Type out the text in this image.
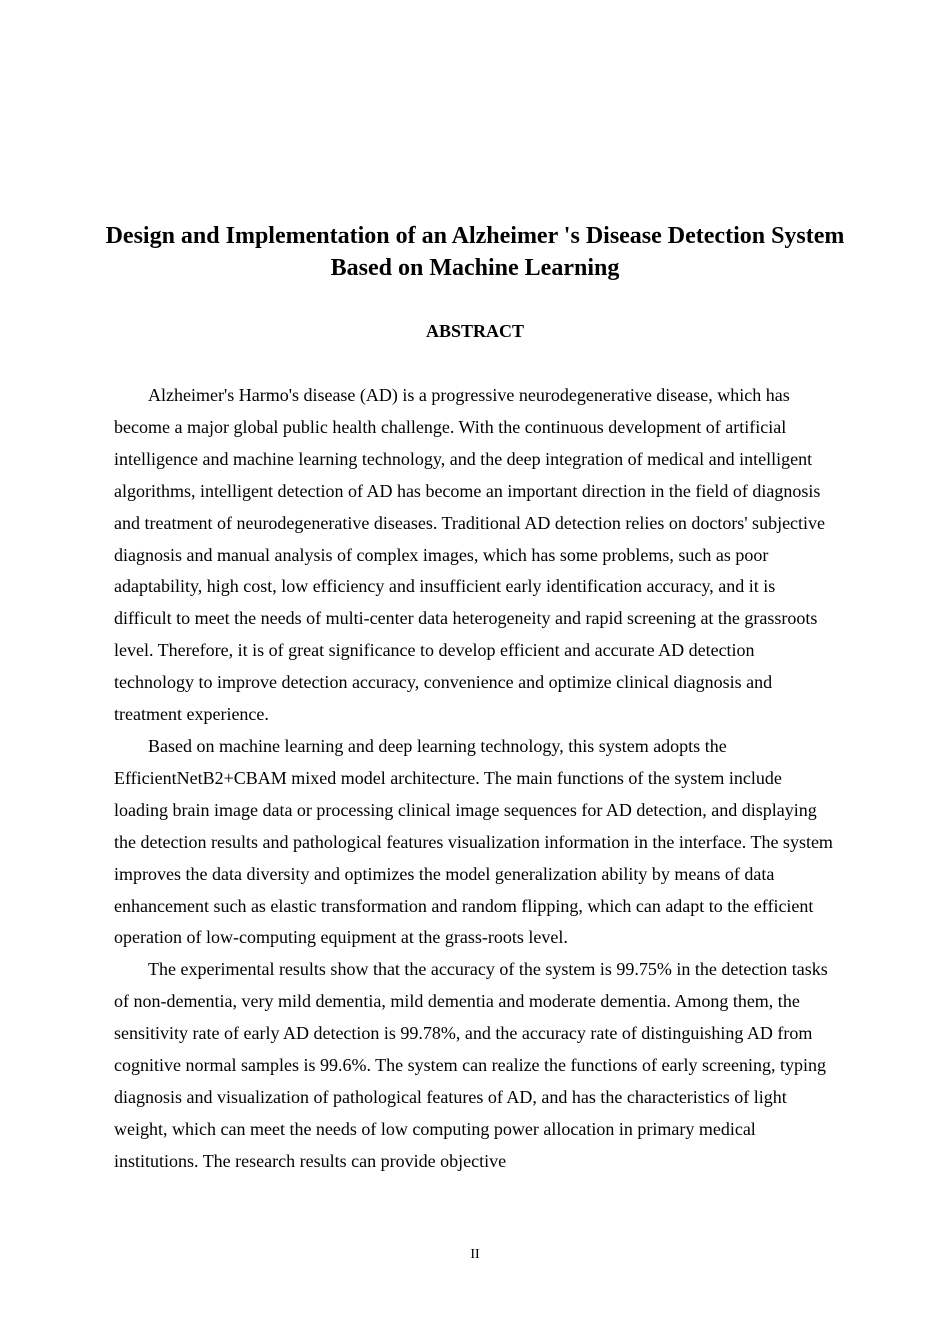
Design and Implementation of an Alzheimer 's Disease Detection System Based on Machine Learning
ABSTRACT

Alzheimer's Harmo's disease (AD) is a progressive neurodegenerative disease, which has become a major global public health challenge. With the continuous development of artificial intelligence and machine learning technology, and the deep integration of medical and intelligent algorithms, intelligent detection of AD has become an important direction in the field of diagnosis and treatment of neurodegenerative diseases. Traditional AD detection relies on doctors' subjective diagnosis and manual analysis of complex images, which has some problems, such as poor adaptability, high cost, low efficiency and insufficient early identification accuracy, and it is difficult to meet the needs of multi-center data heterogeneity and rapid screening at the grassroots level. Therefore, it is of great significance to develop efficient and accurate AD detection technology to improve detection accuracy, convenience and optimize clinical diagnosis and treatment experience.

Based on machine learning and deep learning technology, this system adopts the EfficientNetB2+CBAM mixed model architecture. The main functions of the system include loading brain image data or processing clinical image sequences for AD detection, and displaying the detection results and pathological features visualization information in the interface. The system improves the data diversity and optimizes the model generalization ability by means of data enhancement such as elastic transformation and random flipping, which can adapt to the efficient operation of low-computing equipment at the grass-roots level.

The experimental results show that the accuracy of the system is 99.75% in the detection tasks of non-dementia, very mild dementia, mild dementia and moderate dementia. Among them, the sensitivity rate of early AD detection is 99.78%, and the accuracy rate of distinguishing AD from cognitive normal samples is 99.6%. The system can realize the functions of early screening, typing diagnosis and visualization of pathological features of AD, and has the characteristics of light weight, which can meet the needs of low computing power allocation in primary medical institutions. The research results can provide objective

II
